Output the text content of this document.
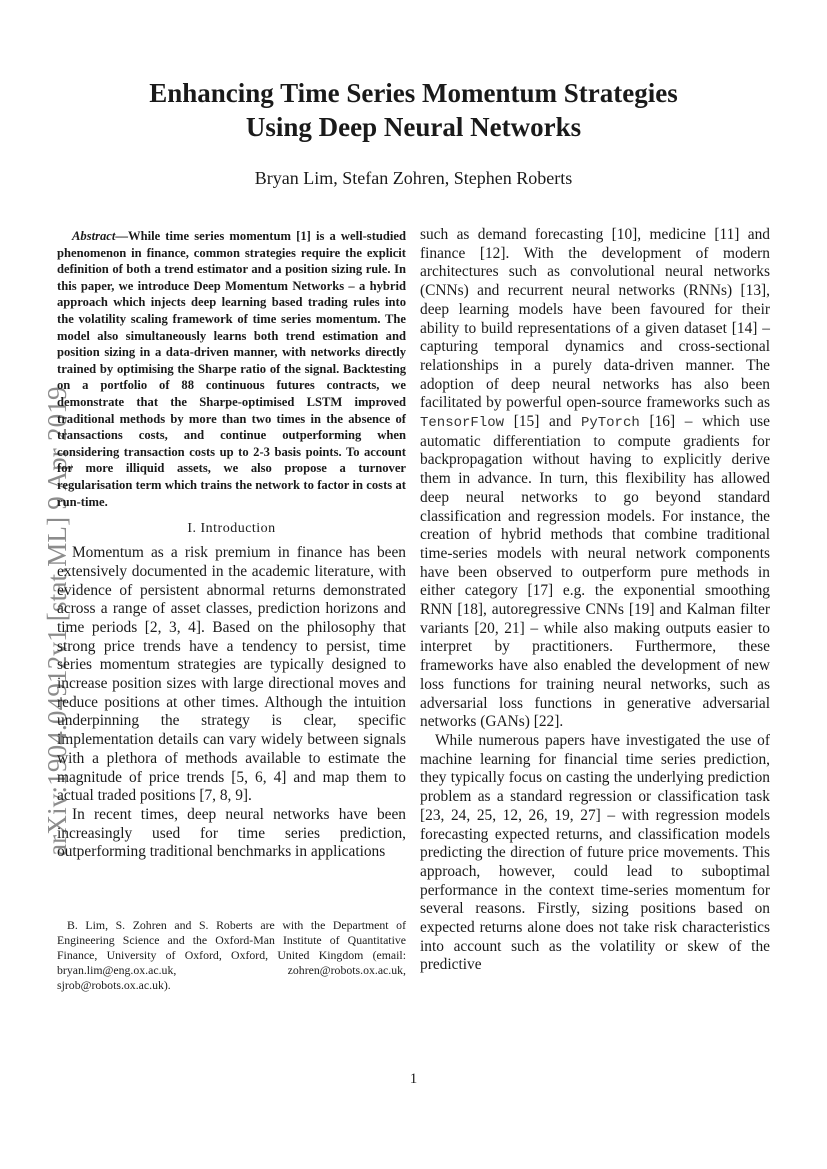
Enhancing Time Series Momentum Strategies
Using Deep Neural Networks
Bryan Lim, Stefan Zohren, Stephen Roberts
arXiv:1904.04912v1 [stat.ML] 9 Apr 2019

Abstract—While time series momentum [1] is a well-studied phenomenon in finance, common strategies require the explicit definition of both a trend estimator and a position sizing rule. In this paper, we introduce Deep Momentum Networks – a hybrid approach which injects deep learning based trading rules into the volatility scaling framework of time series momentum. The model also simultaneously learns both trend estimation and position sizing in a data-driven manner, with networks directly trained by optimising the Sharpe ratio of the signal. Backtesting on a portfolio of 88 continuous futures contracts, we demonstrate that the Sharpe-optimised LSTM improved traditional methods by more than two times in the absence of transactions costs, and continue outperforming when considering transaction costs up to 2-3 basis points. To account for more illiquid assets, we also propose a turnover regularisation term which trains the network to factor in costs at run-time.

I. Introduction

Momentum as a risk premium in finance has been extensively documented in the academic literature, with evidence of persistent abnormal returns demonstrated across a range of asset classes, prediction horizons and time periods [2, 3, 4]. Based on the philosophy that strong price trends have a tendency to persist, time series momentum strategies are typically designed to increase position sizes with large directional moves and reduce positions at other times. Although the intuition underpinning the strategy is clear, specific implementation details can vary widely between signals with a plethora of methods available to estimate the magnitude of price trends [5, 6, 4] and map them to actual traded positions [7, 8, 9].

In recent times, deep neural networks have been increasingly used for time series prediction, outperforming traditional benchmarks in applications

B. Lim, S. Zohren and S. Roberts are with the Department of Engineering Science and the Oxford-Man Institute of Quantitative Finance, University of Oxford, Oxford, United Kingdom (email: bryan.lim@eng.ox.ac.uk, zohren@robots.ox.ac.uk, sjrob@robots.ox.ac.uk).

such as demand forecasting [10], medicine [11] and finance [12]. With the development of modern architectures such as convolutional neural networks (CNNs) and recurrent neural networks (RNNs) [13], deep learning models have been favoured for their ability to build representations of a given dataset [14] – capturing temporal dynamics and cross-sectional relationships in a purely data-driven manner. The adoption of deep neural networks has also been facilitated by powerful open-source frameworks such as TensorFlow [15] and PyTorch [16] – which use automatic differentiation to compute gradients for backpropagation without having to explicitly derive them in advance. In turn, this flexibility has allowed deep neural networks to go beyond standard classification and regression models. For instance, the creation of hybrid methods that combine traditional time-series models with neural network components have been observed to outperform pure methods in either category [17] e.g. the exponential smoothing RNN [18], autoregressive CNNs [19] and Kalman filter variants [20, 21] – while also making outputs easier to interpret by practitioners. Furthermore, these frameworks have also enabled the development of new loss functions for training neural networks, such as adversarial loss functions in generative adversarial networks (GANs) [22].

While numerous papers have investigated the use of machine learning for financial time series prediction, they typically focus on casting the underlying prediction problem as a standard regression or classification task [23, 24, 25, 12, 26, 19, 27] – with regression models forecasting expected returns, and classification models predicting the direction of future price movements. This approach, however, could lead to suboptimal performance in the context time-series momentum for several reasons. Firstly, sizing positions based on expected returns alone does not take risk characteristics into account such as the volatility or skew of the predictive

1
